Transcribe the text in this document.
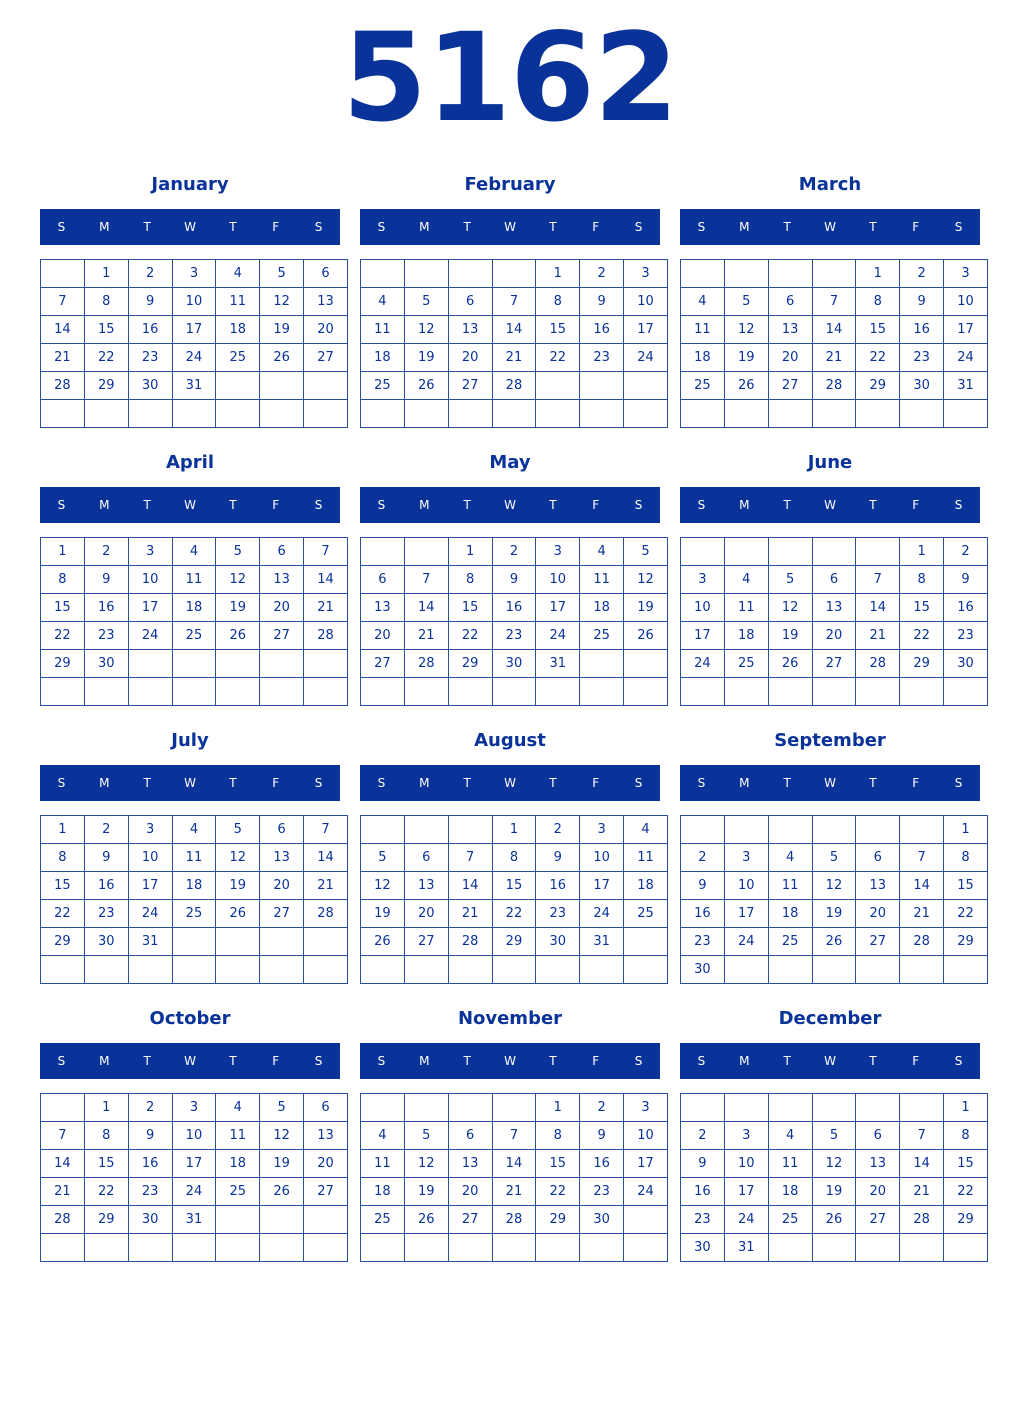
5162
January
S	M	T	W	T	F	S
	1	2	3	4	5	6
7	8	9	10	11	12	13
14	15	16	17	18	19	20
21	22	23	24	25	26	27
28	29	30	31			

February
S	M	T	W	T	F	S
				1	2	3
4	5	6	7	8	9	10
11	12	13	14	15	16	17
18	19	20	21	22	23	24
25	26	27	28			

March
S	M	T	W	T	F	S
				1	2	3
4	5	6	7	8	9	10
11	12	13	14	15	16	17
18	19	20	21	22	23	24
25	26	27	28	29	30	31

April
S	M	T	W	T	F	S
1	2	3	4	5	6	7
8	9	10	11	12	13	14
15	16	17	18	19	20	21
22	23	24	25	26	27	28
29	30					

May
S	M	T	W	T	F	S
		1	2	3	4	5
6	7	8	9	10	11	12
13	14	15	16	17	18	19
20	21	22	23	24	25	26
27	28	29	30	31		

June
S	M	T	W	T	F	S
					1	2
3	4	5	6	7	8	9
10	11	12	13	14	15	16
17	18	19	20	21	22	23
24	25	26	27	28	29	30

July
S	M	T	W	T	F	S
1	2	3	4	5	6	7
8	9	10	11	12	13	14
15	16	17	18	19	20	21
22	23	24	25	26	27	28
29	30	31				

August
S	M	T	W	T	F	S
			1	2	3	4
5	6	7	8	9	10	11
12	13	14	15	16	17	18
19	20	21	22	23	24	25
26	27	28	29	30	31	

September
S	M	T	W	T	F	S
						1
2	3	4	5	6	7	8
9	10	11	12	13	14	15
16	17	18	19	20	21	22
23	24	25	26	27	28	29
30						
October
S	M	T	W	T	F	S
	1	2	3	4	5	6
7	8	9	10	11	12	13
14	15	16	17	18	19	20
21	22	23	24	25	26	27
28	29	30	31			

November
S	M	T	W	T	F	S
				1	2	3
4	5	6	7	8	9	10
11	12	13	14	15	16	17
18	19	20	21	22	23	24
25	26	27	28	29	30	

December
S	M	T	W	T	F	S
						1
2	3	4	5	6	7	8
9	10	11	12	13	14	15
16	17	18	19	20	21	22
23	24	25	26	27	28	29
30	31					
